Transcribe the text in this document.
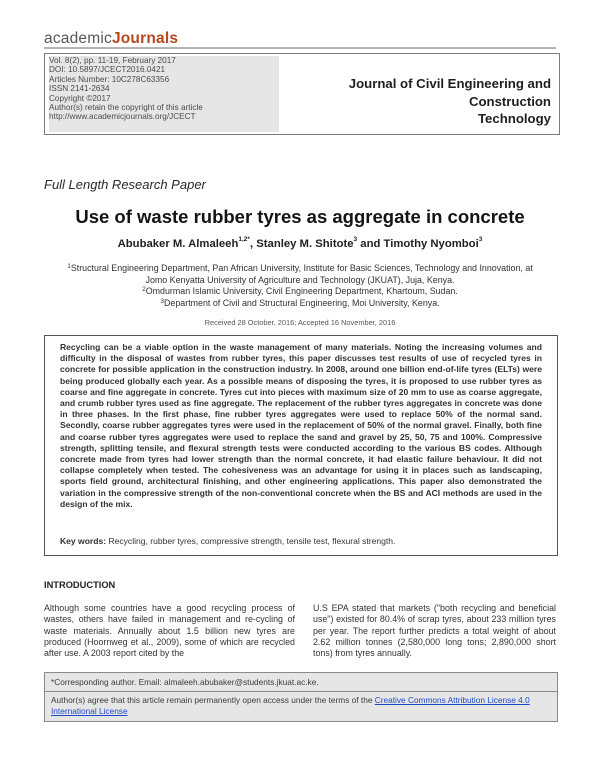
academicJournals
Vol. 8(2), pp. 11-19, February 2017
DOI: 10.5897/JCECT2016.0421
Articles Number: 10C278C63356
ISSN 2141-2634
Copyright ©2017
Author(s) retain the copyright of this article
http://www.academicjournals.org/JCECT
Journal of Civil Engineering and Construction
Technology
Full Length Research Paper
Use of waste rubber tyres as aggregate in concrete
Abubaker M. Almaleeh$^{1,2*}$, Stanley M. Shitote$^3$ and Timothy Nyomboi$^3$
$^1$Structural Engineering Department, Pan African University, Institute for Basic Sciences, Technology and Innovation, at
Jomo Kenyatta University of Agriculture and Technology (JKUAT), Juja, Kenya.
$^2$Omdurman Islamic University, Civil Engineering Department, Khartoum, Sudan.
$^3$Department of Civil and Structural Engineering, Moi University, Kenya.
Received 28 October, 2016; Accepted 16 November, 2016
Recycling can be a viable option in the waste management of many materials. Noting the increasing volumes and difficulty in the disposal of wastes from rubber tyres, this paper discusses test results of use of recycled tyres in concrete for possible application in the construction industry. In 2008, around one billion end-of-life tyres (ELTs) were being produced globally each year. As a possible means of disposing the tyres, it is proposed to use rubber tyres as coarse and fine aggregate in concrete. Tyres cut into pieces with maximum size of 20 mm to use as coarse aggregate, and crumb rubber tyres used as fine aggregate. The replacement of the rubber tyres aggregates in concrete was done in three phases. In the first phase, fine rubber tyres aggregates were used to replace 50% of the normal sand. Secondly, coarse rubber aggregates tyres were used in the replacement of 50% of the normal gravel. Finally, both fine and coarse rubber tyres aggregates were used to replace the sand and gravel by 25, 50, 75 and 100%. Compressive strength, splitting tensile, and flexural strength tests were conducted according to the various BS codes. Although concrete made from tyres had lower strength than the normal concrete, it had elastic failure behaviour. It did not collapse completely when tested. The cohesiveness was an advantage for using it in places such as landscaping, sports field ground, architectural finishing, and other engineering applications. This paper also demonstrated the variation in the compressive strength of the non-conventional concrete when the BS and ACI methods are used in the design of the mix.
Key words: Recycling, rubber tyres, compressive strength, tensile test, flexural strength.
INTRODUCTION
Although some countries have a good recycling process of wastes, others have failed in management and re-cycling of waste materials. Annually about 1.5 billion new tyres are produced (Hoornweg et al., 2009), some of which are recycled after use. A 2003 report cited by the
U.S EPA stated that markets ("both recycling and beneficial use") existed for 80.4% of scrap tyres, about 233 million tyres per year. The report further predicts a total weight of about 2.62 million tonnes (2,580,000 long tons; 2,890,000 short tons) from tyres annually.
*Corresponding author. Email: almaleeh.abubaker@students.jkuat.ac.ke.
Author(s) agree that this article remain permanently open access under the terms of the Creative Commons Attribution License 4.0 International License
